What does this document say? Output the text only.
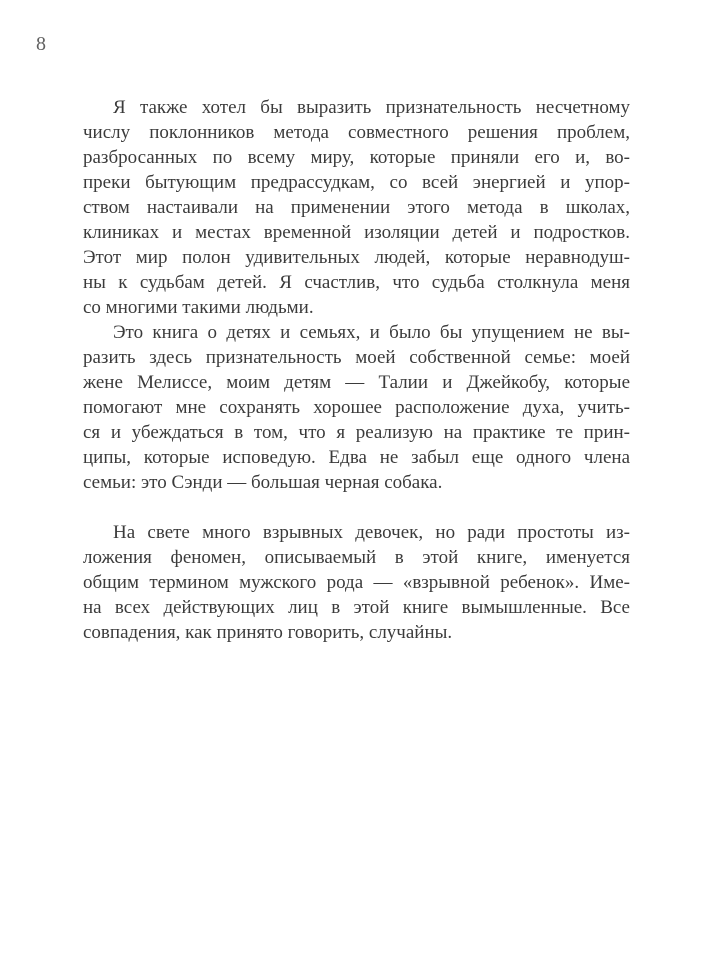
8
Я также хотел бы выразить признательность несчетному
числу поклонников метода совместного решения проблем,
разбросанных по всему миру, которые приняли его и, во-
преки бытующим предрассудкам, со всей энергией и упор-
ством настаивали на применении этого метода в школах,
клиниках и местах временной изоляции детей и подростков.
Этот мир полон удивительных людей, которые неравнодуш-
ны к судьбам детей. Я счастлив, что судьба столкнула меня
со многими такими людьми.
Это книга о детях и семьях, и было бы упущением не вы-
разить здесь признательность моей собственной семье: моей
жене Мелиссе, моим детям — Талии и Джейкобу, которые
помогают мне сохранять хорошее расположение духа, учить-
ся и убеждаться в том, что я реализую на практике те прин-
ципы, которые исповедую. Едва не забыл еще одного члена
семьи: это Сэнди — большая черная собака.
На свете много взрывных девочек, но ради простоты из-
ложения феномен, описываемый в этой книге, именуется
общим термином мужского рода — «взрывной ребенок». Име-
на всех действующих лиц в этой книге вымышленные. Все
совпадения, как принято говорить, случайны.
